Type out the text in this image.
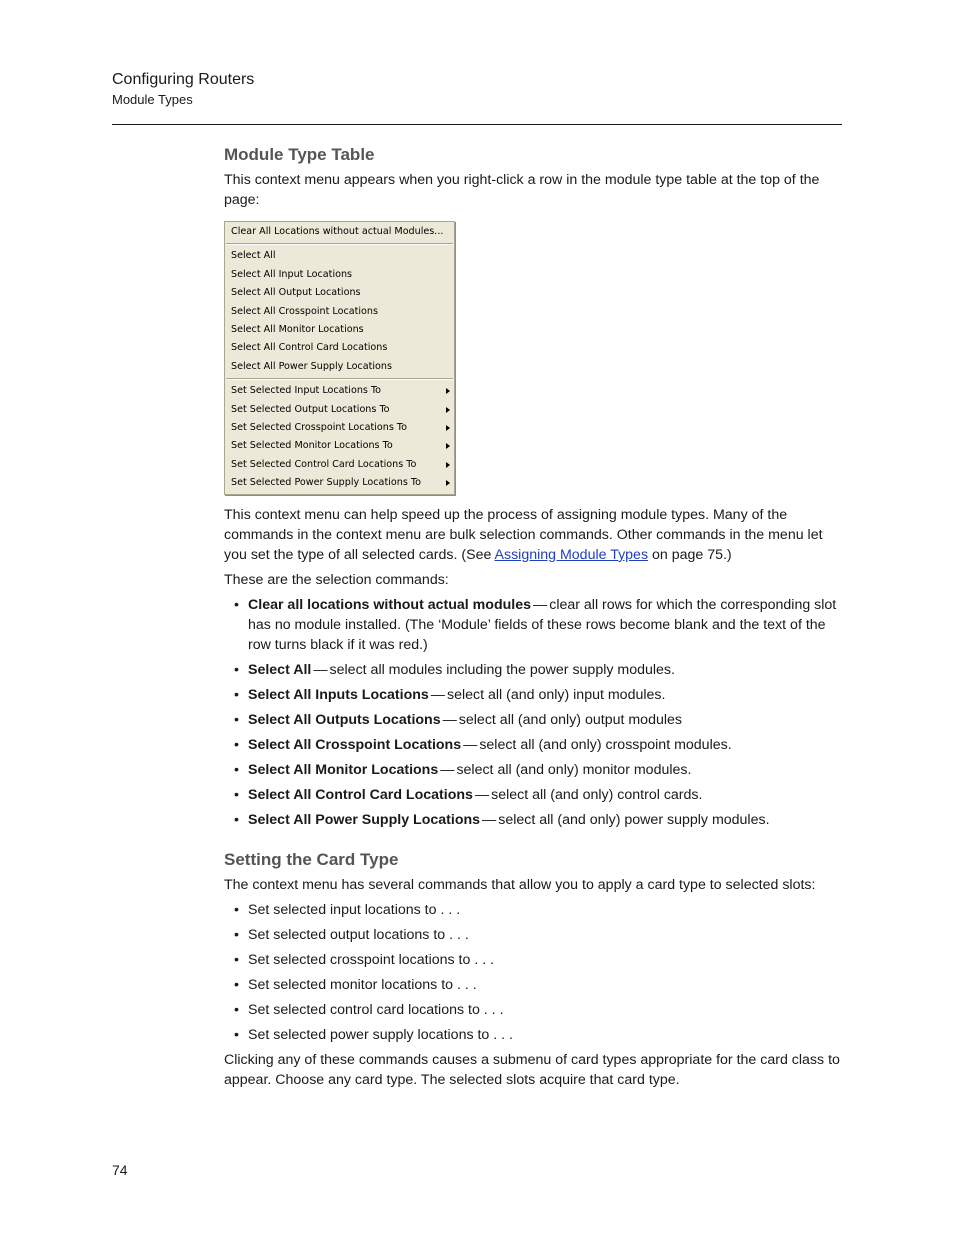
Configuring Routers
Module Types
Module Type Table

This context menu appears when you right-click a row in the module type table at the top of the page:

Clear All Locations without actual Modules...
Select All
Select All Input Locations
Select All Output Locations
Select All Crosspoint Locations
Select All Monitor Locations
Select All Control Card Locations
Select All Power Supply Locations
Set Selected Input Locations To
Set Selected Output Locations To
Set Selected Crosspoint Locations To
Set Selected Monitor Locations To
Set Selected Control Card Locations To
Set Selected Power Supply Locations To

This context menu can help speed up the process of assigning module types. Many of the commands in the context menu are bulk selection commands. Other commands in the menu let you set the type of all selected cards. (See Assigning Module Types on page 75.)

These are the selection commands:

• Clear all locations without actual modules — clear all rows for which the corresponding slot has no module installed. (The ‘Module’ fields of these rows become blank and the text of the row turns black if it was red.)
• Select All — select all modules including the power supply modules.
• Select All Inputs Locations — select all (and only) input modules.
• Select All Outputs Locations — select all (and only) output modules
• Select All Crosspoint Locations — select all (and only) crosspoint modules.
• Select All Monitor Locations — select all (and only) monitor modules.
• Select All Control Card Locations — select all (and only) control cards.
• Select All Power Supply Locations — select all (and only) power supply modules.
Setting the Card Type

The context menu has several commands that allow you to apply a card type to selected slots:

• Set selected input locations to . . .
• Set selected output locations to . . .
• Set selected crosspoint locations to . . .
• Set selected monitor locations to . . .
• Set selected control card locations to . . .
• Set selected power supply locations to . . .

Clicking any of these commands causes a submenu of card types appropriate for the card class to appear. Choose any card type. The selected slots acquire that card type.

74
